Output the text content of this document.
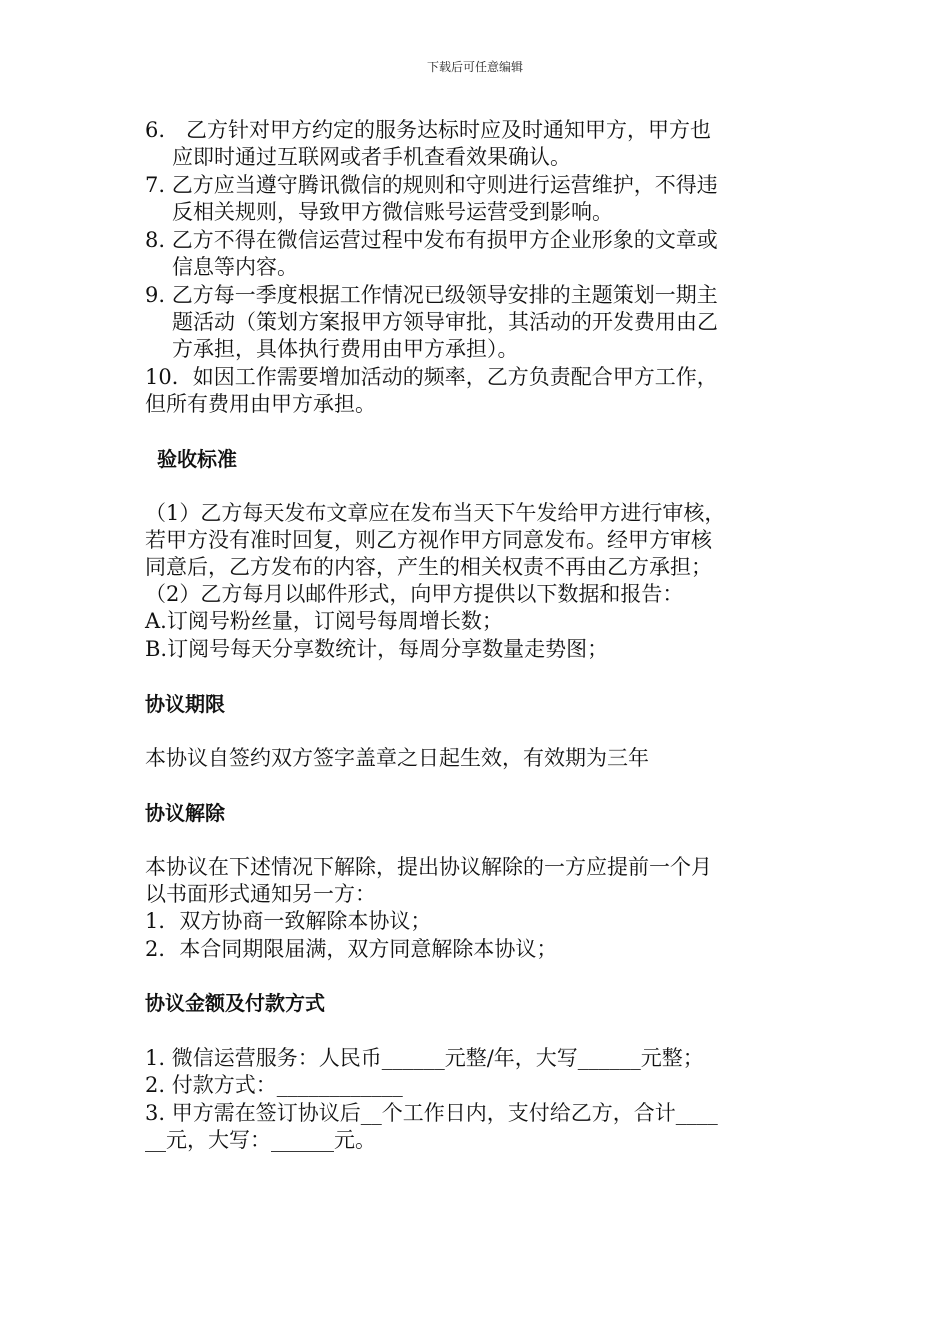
下载后可任意编辑
6.　乙方针对甲方约定的服务达标时应及时通知甲方，甲方也
应即时通过互联网或者手机查看效果确认。
7. 乙方应当遵守腾讯微信的规则和守则进行运营维护，不得违
反相关规则，导致甲方微信账号运营受到影响。
8. 乙方不得在微信运营过程中发布有损甲方企业形象的文章或
信息等内容。
9. 乙方每一季度根据工作情况已级领导安排的主题策划一期主
题活动（策划方案报甲方领导审批，其活动的开发费用由乙
方承担，具体执行费用由甲方承担）。
10．如因工作需要增加活动的频率，乙方负责配合甲方工作，
但所有费用由甲方承担。
验收标准
（1）乙方每天发布文章应在发布当天下午发给甲方进行审核，
若甲方没有准时回复，则乙方视作甲方同意发布。经甲方审核
同意后，乙方发布的内容，产生的相关权责不再由乙方承担；
（2）乙方每月以邮件形式，向甲方提供以下数据和报告：
A.订阅号粉丝量，订阅号每周增长数；
B.订阅号每天分享数统计，每周分享数量走势图；
协议期限
本协议自签约双方签字盖章之日起生效，有效期为三年
协议解除
本协议在下述情况下解除，提出协议解除的一方应提前一个月
以书面形式通知另一方：
1．双方协商一致解除本协议；
2．本合同期限届满，双方同意解除本协议；
协议金额及付款方式
1. 微信运营服务：人民币______元整/年，大写______元整；
2. 付款方式：____________
3. 甲方需在签订协议后__个工作日内，支付给乙方，合计____
__元，大写：______元。
